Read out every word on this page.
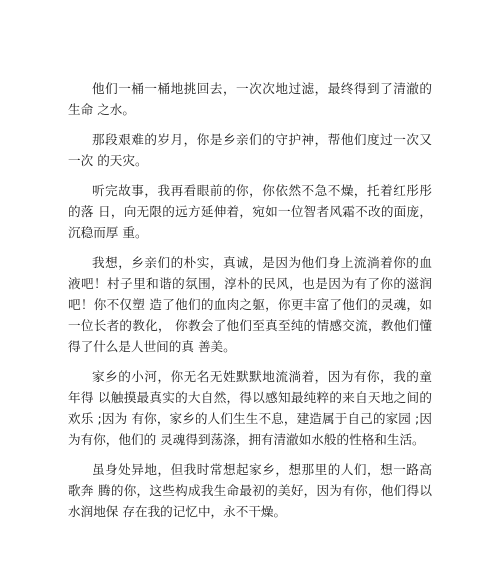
他们一桶一桶地挑回去，一次次地过滤，最终得到了清澈的生命 之水。

那段艰难的岁月，你是乡亲们的守护神，帮他们度过一次又一次 的天灾。

听完故事，我再看眼前的你，你依然不急不燥，托着红彤彤的落 日，向无限的远方延伸着，宛如一位智者风霜不改的面庞，沉稳而厚 重。

我想，乡亲们的朴实，真诚，是因为他们身上流淌着你的血液吧！村子里和谐的氛围，淳朴的民风，也是因为有了你的滋润吧！你不仅塑 造了他们的血肉之躯，你更丰富了他们的灵魂，如一位长者的教化， 你教会了他们至真至纯的情感交流，教他们懂得了什么是人世间的真 善美。

家乡的小河，你无名无姓默默地流淌着，因为有你，我的童年得 以触摸最真实的大自然，得以感知最纯粹的来自天地之间的欢乐 ;因为 有你，家乡的人们生生不息，建造属于自己的家园 ;因为有你，他们的 灵魂得到荡涤，拥有清澈如水般的性格和生活。

虽身处异地，但我时常想起家乡，想那里的人们，想一路高歌奔 腾的你，这些构成我生命最初的美好，因为有你，他们得以水润地保 存在我的记忆中，永不干燥。
